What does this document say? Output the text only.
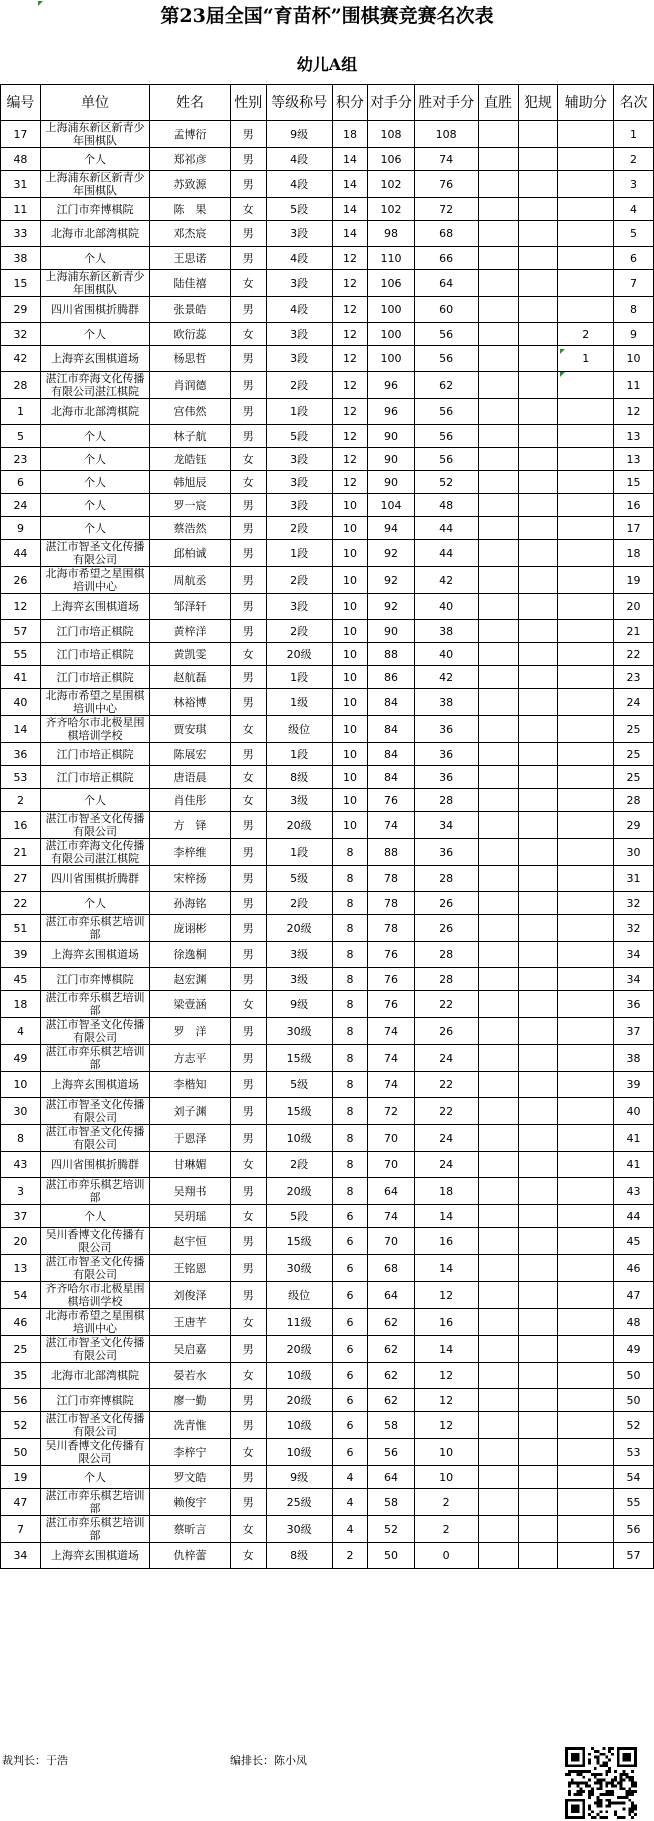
第23届全国“育苗杯”围棋赛竞赛名次表
幼儿A组
编号	单位	姓名	性别	等级称号	积分	对手分	胜对手分	直胜	犯规	辅助分	名次
17	上海浦东新区新青少年围棋队	孟博衍	男	9级	18	108	108				1
48	个人	郑祁彦	男	4段	14	106	74				2
31	上海浦东新区新青少年围棋队	苏致源	男	4段	14	102	76				3
11	江门市弈博棋院	陈　果	女	5段	14	102	72				4
33	北海市北部湾棋院	邓杰宸	男	3段	14	98	68				5
38	个人	王思诺	男	4段	12	110	66				6
15	上海浦东新区新青少年围棋队	陆佳禧	女	3段	12	106	64				7
29	四川省围棋折腾群	张景皓	男	4段	12	100	60				8
32	个人	欧衍蕊	女	3段	12	100	56			2	9
42	上海弈玄围棋道场	杨思哲	男	3段	12	100	56			1	10
28	湛江市弈海文化传播有限公司湛江棋院	肖润德	男	2段	12	96	62				11
1	北海市北部湾棋院	宫伟然	男	1段	12	96	56				12
5	个人	林子航	男	5段	12	90	56				13
23	个人	龙皓钰	女	3段	12	90	56				13
6	个人	韩旭辰	女	3段	12	90	52				15
24	个人	罗一宸	男	3段	10	104	48				16
9	个人	蔡浩然	男	2段	10	94	44				17
44	湛江市智圣文化传播有限公司	邱柏诚	男	1段	10	92	44				18
26	北海市希望之星围棋培训中心	周航丞	男	2段	10	92	42				19
12	上海弈玄围棋道场	邹泽轩	男	3段	10	92	40				20
57	江门市培正棋院	黄梓洋	男	2段	10	90	38				21
55	江门市培正棋院	黄凯雯	女	20级	10	88	40				22
41	江门市培正棋院	赵航磊	男	1段	10	86	42				23
40	北海市希望之星围棋培训中心	林裕博	男	1级	10	84	38				24
14	齐齐哈尔市北极星围棋培训学校	贾安琪	女	级位	10	84	36				25
36	江门市培正棋院	陈展宏	男	1段	10	84	36				25
53	江门市培正棋院	唐语晨	女	8级	10	84	36				25
2	个人	肖佳彤	女	3级	10	76	28				28
16	湛江市智圣文化传播有限公司	方　铎	男	20级	10	74	34				29
21	湛江市弈海文化传播有限公司湛江棋院	李梓维	男	1段	8	88	36				30
27	四川省围棋折腾群	宋梓扬	男	5级	8	78	28				31
22	个人	孙海铭	男	2段	8	78	26				32
51	湛江市弈乐棋艺培训部	庞诩彬	男	20级	8	78	26				32
39	上海弈玄围棋道场	徐逸桐	男	3级	8	76	28				34
45	江门市弈博棋院	赵宏渊	男	3级	8	76	28				34
18	湛江市弈乐棋艺培训部	梁壹涵	女	9级	8	76	22				36
4	湛江市智圣文化传播有限公司	罗　洋	男	30级	8	74	26				37
49	湛江市弈乐棋艺培训部	方志平	男	15级	8	74	24				38
10	上海弈玄围棋道场	李楷知	男	5级	8	74	22				39
30	湛江市智圣文化传播有限公司	刘子渊	男	15级	8	72	22				40
8	湛江市智圣文化传播有限公司	于恩泽	男	10级	8	70	24				41
43	四川省围棋折腾群	甘琳媚	女	2段	8	70	24				41
3	湛江市弈乐棋艺培训部	吴翔书	男	20级	8	64	18				43
37	个人	吴玥瑶	女	5段	6	74	14				44
20	吴川香博文化传播有限公司	赵宇恒	男	15级	6	70	16				45
13	湛江市智圣文化传播有限公司	王铭恩	男	30级	6	68	14				46
54	齐齐哈尔市北极星围棋培训学校	刘俊泽	男	级位	6	64	12				47
46	北海市希望之星围棋培训中心	王唐芊	女	11级	6	62	16				48
25	湛江市智圣文化传播有限公司	吴启嘉	男	20级	6	62	14				49
35	北海市北部湾棋院	晏若水	女	10级	6	62	12				50
56	江门市弈博棋院	廖一勤	男	20级	6	62	12				50
52	湛江市智圣文化传播有限公司	冼青惟	男	10级	6	58	12				52
50	吴川香博文化传播有限公司	李梓宁	女	10级	6	56	10				53
19	个人	罗文皓	男	9级	4	64	10				54
47	湛江市弈乐棋艺培训部	赖俊宇	男	25级	4	58	2				55
7	湛江市弈乐棋艺培训部	蔡昕言	女	30级	4	52	2				56
34	上海弈玄围棋道场	仇梓蕾	女	8级	2	50	0				57
裁判长：于浩	编排长：陈小凤
